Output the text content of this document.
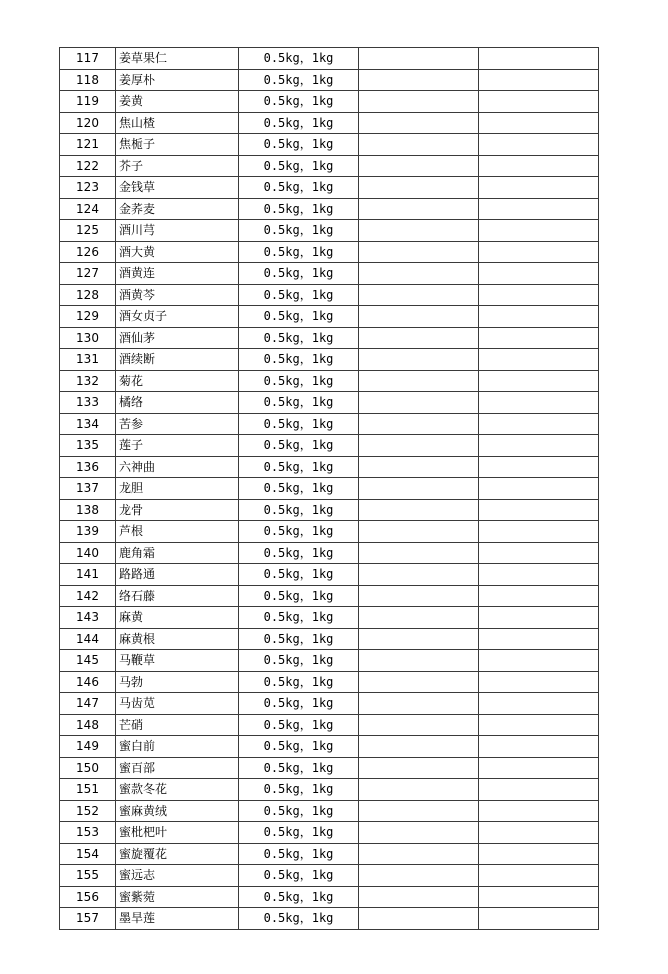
117	姜草果仁	0.5kg，1kg		
118	姜厚朴	0.5kg，1kg		
119	姜黄	0.5kg，1kg		
120	焦山楂	0.5kg，1kg		
121	焦栀子	0.5kg，1kg		
122	芥子	0.5kg，1kg		
123	金钱草	0.5kg，1kg		
124	金荞麦	0.5kg，1kg		
125	酒川芎	0.5kg，1kg		
126	酒大黄	0.5kg，1kg		
127	酒黄连	0.5kg，1kg		
128	酒黄芩	0.5kg，1kg		
129	酒女贞子	0.5kg，1kg		
130	酒仙茅	0.5kg，1kg		
131	酒续断	0.5kg，1kg		
132	菊花	0.5kg，1kg		
133	橘络	0.5kg，1kg		
134	苦参	0.5kg，1kg		
135	莲子	0.5kg，1kg		
136	六神曲	0.5kg，1kg		
137	龙胆	0.5kg，1kg		
138	龙骨	0.5kg，1kg		
139	芦根	0.5kg，1kg		
140	鹿角霜	0.5kg，1kg		
141	路路通	0.5kg，1kg		
142	络石藤	0.5kg，1kg		
143	麻黄	0.5kg，1kg		
144	麻黄根	0.5kg，1kg		
145	马鞭草	0.5kg，1kg		
146	马勃	0.5kg，1kg		
147	马齿苋	0.5kg，1kg		
148	芒硝	0.5kg，1kg		
149	蜜白前	0.5kg，1kg		
150	蜜百部	0.5kg，1kg		
151	蜜款冬花	0.5kg，1kg		
152	蜜麻黄绒	0.5kg，1kg		
153	蜜枇杷叶	0.5kg，1kg		
154	蜜旋覆花	0.5kg，1kg		
155	蜜远志	0.5kg，1kg		
156	蜜紫菀	0.5kg，1kg		
157	墨旱莲	0.5kg，1kg		
